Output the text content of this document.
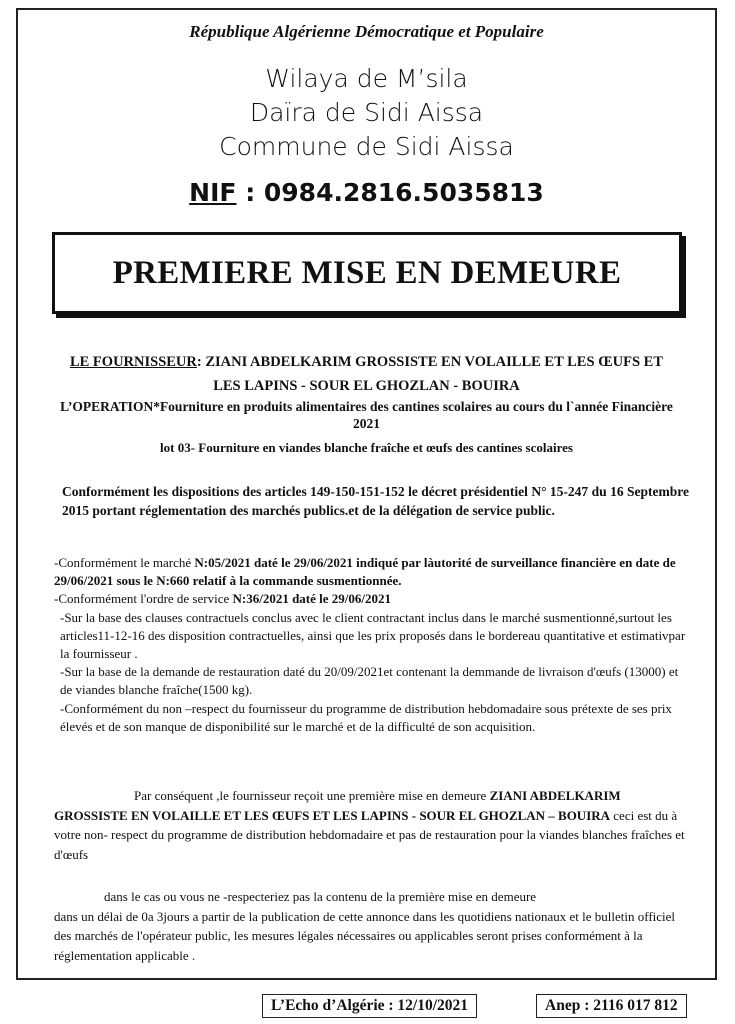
République Algérienne Démocratique et Populaire
Wilaya de M’sila
Daïra de Sidi Aissa
Commune de Sidi Aissa
NIF : 0984.2816.5035813
PREMIERE MISE EN DEMEURE
LE FOURNISSEUR: ZIANI ABDELKARIM GROSSISTE EN VOLAILLE ET LES ŒUFS ET LES LAPINS - SOUR EL GHOZLAN - BOUIRA
L’OPERATION*Fourniture en produits alimentaires des cantines scolaires au cours du l`année Financière 2021
lot 03- Fourniture en viandes blanche fraîche et œufs des cantines scolaires
Conformément les dispositions des articles 149-150-151-152 le décret présidentiel N° 15-247 du 16 Septembre 2015 portant réglementation des marchés publics.et de la délégation de service public.

-Conformément le marché N:05/2021 daté le 29/06/2021 indiqué par làutorité de surveillance financière en date de 29/06/2021 sous le N:660 relatif à la commande susmentionnée.

-Conformément l'ordre de service N:36/2021 daté le 29/06/2021

-Sur la base des clauses contractuels conclus avec le client contractant inclus dans le marché susmentionné,surtout les articles11-12-16 des disposition contractuelles, ainsi que les prix proposés dans le bordereau quantitative et estimativpar la fournisseur .

-Sur la base de la demande de restauration daté du 20/09/2021et contenant la demmande de livraison d'œufs (13000) et de viandes blanche fraîche(1500 kg).

-Conformément du non –respect du fournisseur du programme de distribution hebdomadaire sous prétexte de ses prix élevés et de son manque de disponibilité sur le marché et de la difficulté de son acquisition.

Par conséquent ,le fournisseur reçoit une première mise en demeure ZIANI ABDELKARIM GROSSISTE EN VOLAILLE ET LES ŒUFS ET LES LAPINS - SOUR EL GHOZLAN – BOUIRA ceci est du à votre non- respect du programme de distribution hebdomadaire et pas de restauration pour la viandes blanches fraîches et d'œufs

dans le cas ou vous ne -respecteriez pas la contenu de la première mise en demeure

dans un délai de 0a 3jours a partir de la publication de cette annonce dans les quotidiens nationaux et le bulletin officiel des marchés de l'opérateur public, les mesures légales nécessaires ou applicables seront prises conformément à la réglementation applicable .

L’Echo d’Algérie : 12/10/2021	Anep : 2116 017 812
